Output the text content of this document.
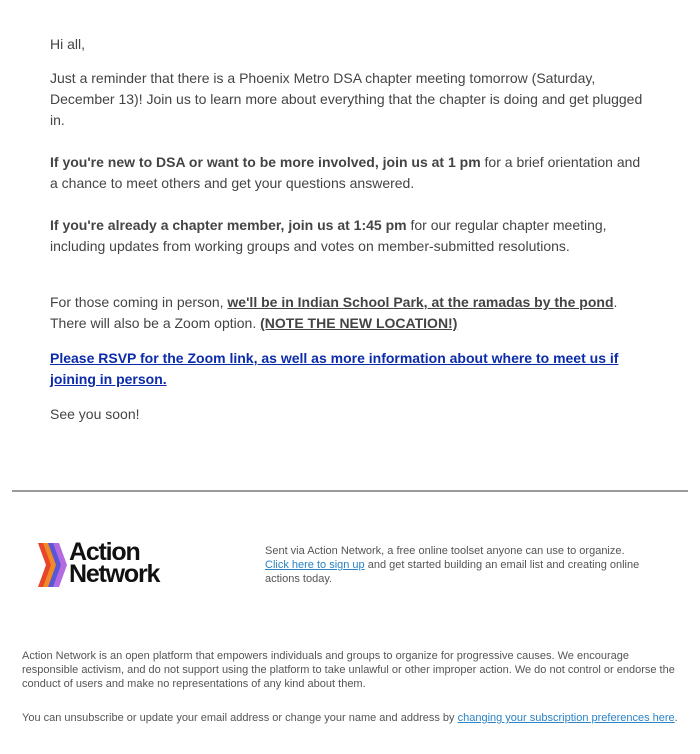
Hi all,

Just a reminder that there is a Phoenix Metro DSA chapter meeting tomorrow (Saturday, December 13)! Join us to learn more about everything that the chapter is doing and get plugged in.

If you're new to DSA or want to be more involved, join us at 1 pm for a brief orientation and a chance to meet others and get your questions answered.

If you're already a chapter member, join us at 1:45 pm for our regular chapter meeting, including updates from working groups and votes on member-submitted resolutions.

For those coming in person, we'll be in Indian School Park, at the ramadas by the pond. There will also be a Zoom option. (NOTE THE NEW LOCATION!)

Please RSVP for the Zoom link, as well as more information about where to meet us if joining in person.

See you soon!

Action
Network
Sent via Action Network, a free online toolset anyone can use to organize. Click here to sign up and get started building an email list and creating online actions today.

Action Network is an open platform that empowers individuals and groups to organize for progressive causes. We encourage responsible activism, and do not support using the platform to take unlawful or other improper action. We do not control or endorse the conduct of users and make no representations of any kind about them.

You can unsubscribe or update your email address or change your name and address by changing your subscription preferences here.
